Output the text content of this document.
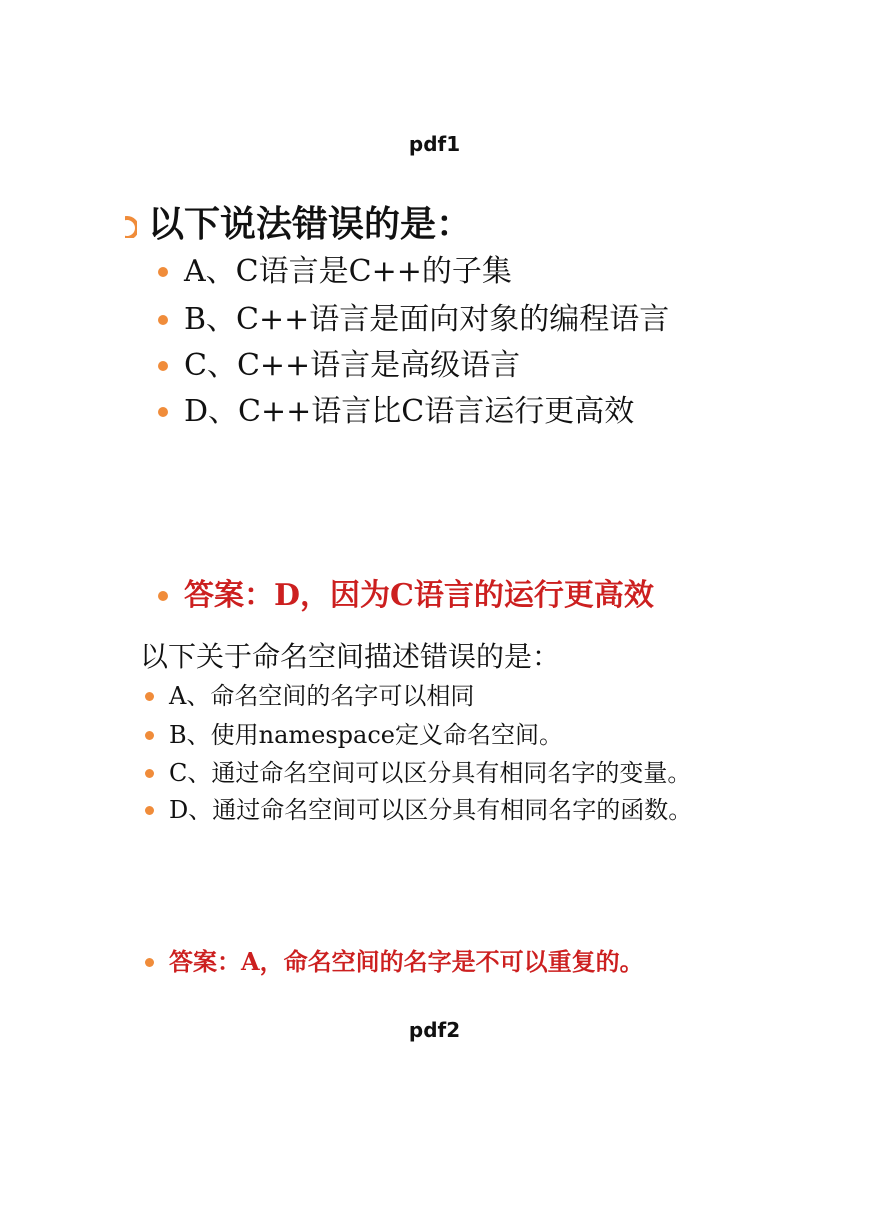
pdf1
以下说法错误的是：
A、C语言是C++的子集
B、C++语言是面向对象的编程语言
C、C++语言是高级语言
D、C++语言比C语言运行更高效
答案：D，因为C语言的运行更高效
以下关于命名空间描述错误的是：
A、命名空间的名字可以相同
B、使用namespace定义命名空间。
C、通过命名空间可以区分具有相同名字的变量。
D、通过命名空间可以区分具有相同名字的函数。
答案：A，命名空间的名字是不可以重复的。
pdf2
